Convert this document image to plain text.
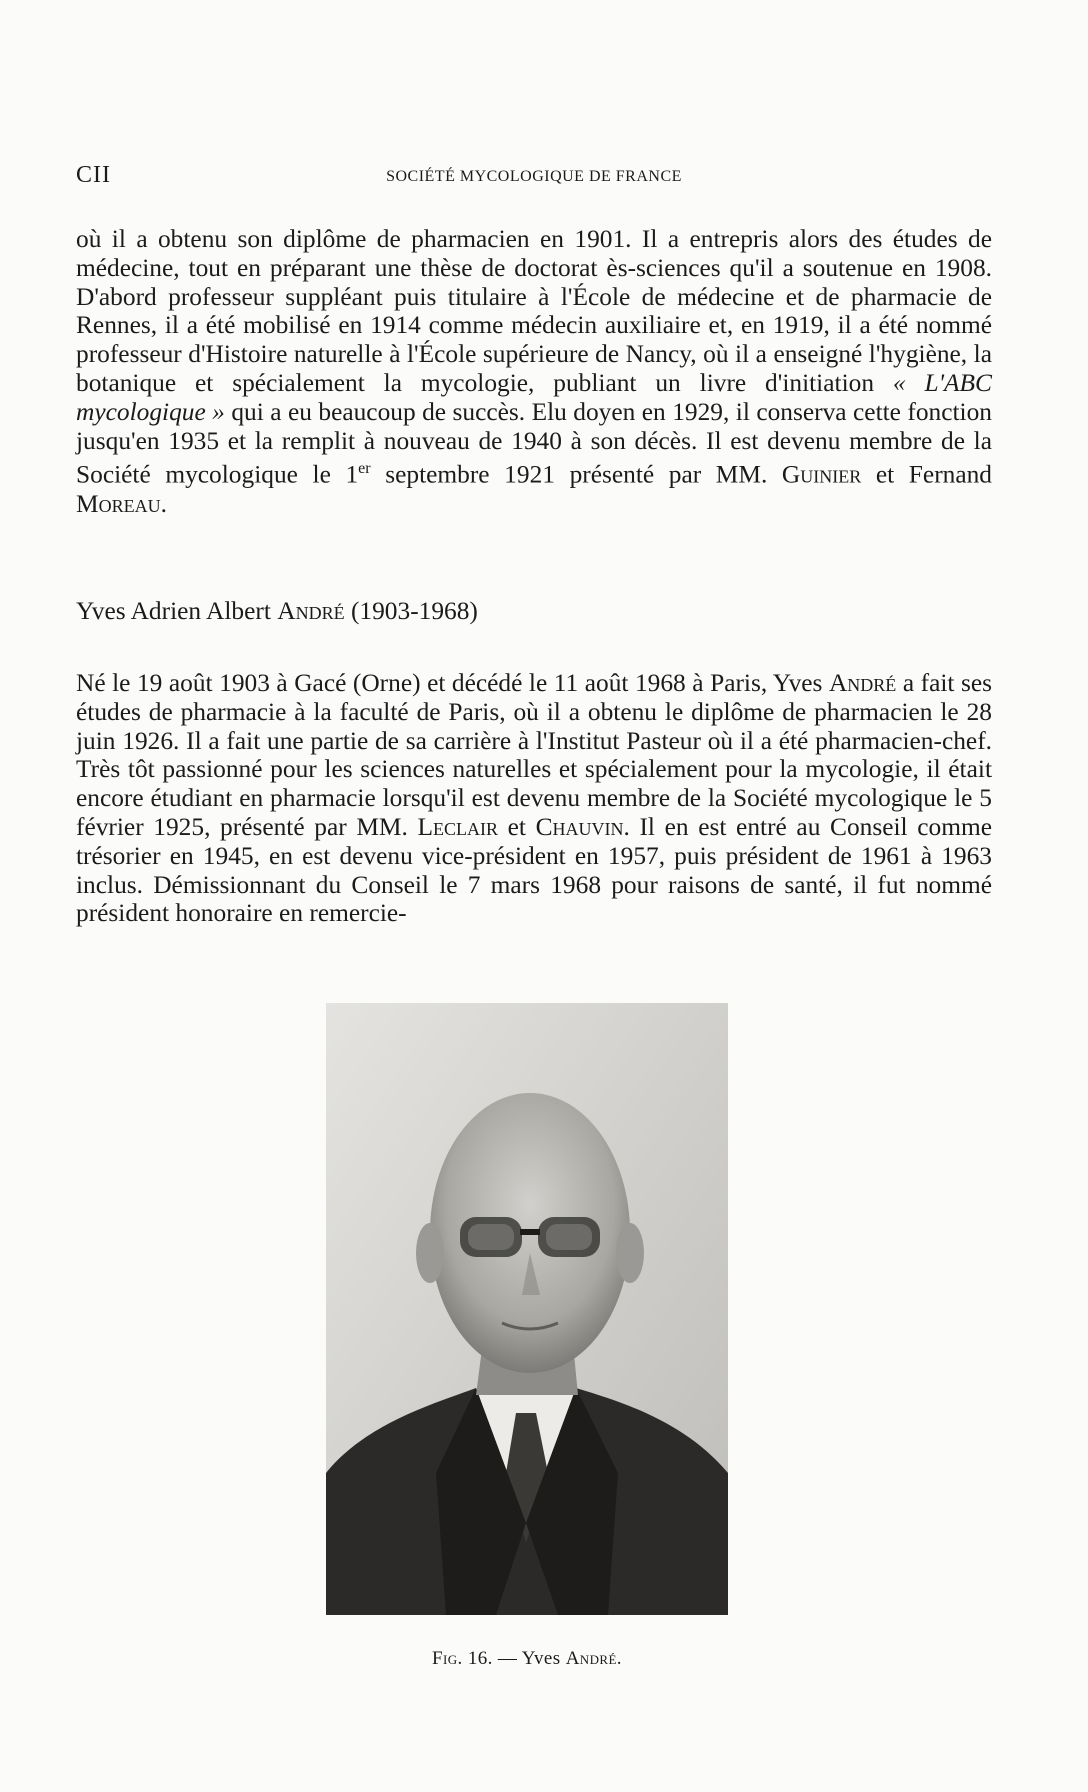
CII	SOCIÉTÉ MYCOLOGIQUE DE FRANCE
où il a obtenu son diplôme de pharmacien en 1901. Il a entrepris alors des études de médecine, tout en préparant une thèse de doctorat ès-sciences qu'il a soutenue en 1908. D'abord professeur suppléant puis titulaire à l'École de médecine et de pharmacie de Rennes, il a été mobilisé en 1914 comme médecin auxiliaire et, en 1919, il a été nommé professeur d'Histoire naturelle à l'École supérieure de Nancy, où il a enseigné l'hygiène, la botanique et spécialement la mycologie, publiant un livre d'initiation « L'ABC mycologique » qui a eu beaucoup de succès. Elu doyen en 1929, il conserva cette fonction jusqu'en 1935 et la remplit à nouveau de 1940 à son décès. Il est devenu membre de la Société mycologique le 1er septembre 1921 présenté par MM. Guinier et Fernand Moreau.
Yves Adrien Albert André (1903-1968)
Né le 19 août 1903 à Gacé (Orne) et décédé le 11 août 1968 à Paris, Yves André a fait ses études de pharmacie à la faculté de Paris, où il a obtenu le diplôme de pharmacien le 28 juin 1926. Il a fait une partie de sa carrière à l'Institut Pasteur où il a été pharmacien-chef. Très tôt passionné pour les sciences naturelles et spécialement pour la mycologie, il était encore étudiant en pharmacie lorsqu'il est devenu membre de la Société mycologique le 5 février 1925, présenté par MM. Leclair et Chauvin. Il en est entré au Conseil comme trésorier en 1945, en est devenu vice-président en 1957, puis président de 1961 à 1963 inclus. Démissionnant du Conseil le 7 mars 1968 pour raisons de santé, il fut nommé président honoraire en remercie-
Fig. 16. — Yves André.
